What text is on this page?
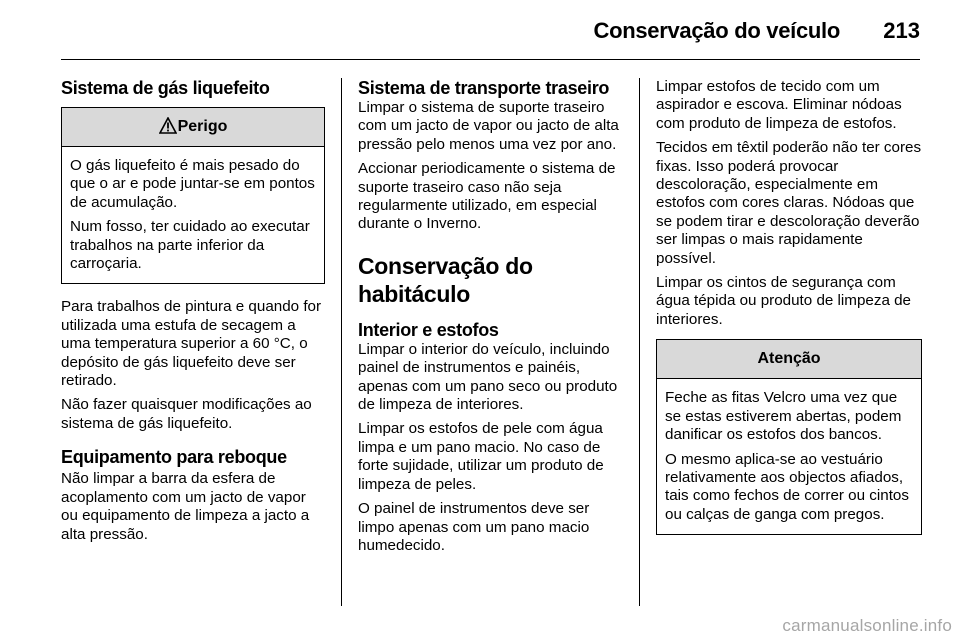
Conservação do veículo 213
Sistema de gás liquefeito
Perigo

O gás liquefeito é mais pesado do que o ar e pode juntar-se em pontos de acumulação.

Num fosso, ter cuidado ao executar trabalhos na parte inferior da carroçaria.

Para trabalhos de pintura e quando for utilizada uma estufa de secagem a uma temperatura superior a 60 °C, o depósito de gás liquefeito deve ser retirado.

Não fazer quaisquer modificações ao sistema de gás liquefeito.

Equipamento para reboque

Não limpar a barra da esfera de acoplamento com um jacto de vapor ou equipamento de limpeza a jacto a alta pressão.

Sistema de transporte traseiro

Limpar o sistema de suporte traseiro com um jacto de vapor ou jacto de alta pressão pelo menos uma vez por ano.

Accionar periodicamente o sistema de suporte traseiro caso não seja regularmente utilizado, em especial durante o Inverno.

Conservação do habitáculo
Interior e estofos

Limpar o interior do veículo, incluindo painel de instrumentos e painéis, apenas com um pano seco ou produto de limpeza de interiores.

Limpar os estofos de pele com água limpa e um pano macio. No caso de forte sujidade, utilizar um produto de limpeza de peles.

O painel de instrumentos deve ser limpo apenas com um pano macio humedecido.

Limpar estofos de tecido com um aspirador e escova. Eliminar nódoas com produto de limpeza de estofos.

Tecidos em têxtil poderão não ter cores fixas. Isso poderá provocar descoloração, especialmente em estofos com cores claras. Nódoas que se podem tirar e descoloração deverão ser limpas o mais rapidamente possível.

Limpar os cintos de segurança com água tépida ou produto de limpeza de interiores.

Atenção

Feche as fitas Velcro uma vez que se estas estiverem abertas, podem danificar os estofos dos bancos.

O mesmo aplica-se ao vestuário relativamente aos objectos afiados, tais como fechos de correr ou cintos ou calças de ganga com pregos.

carmanualsonline.info
